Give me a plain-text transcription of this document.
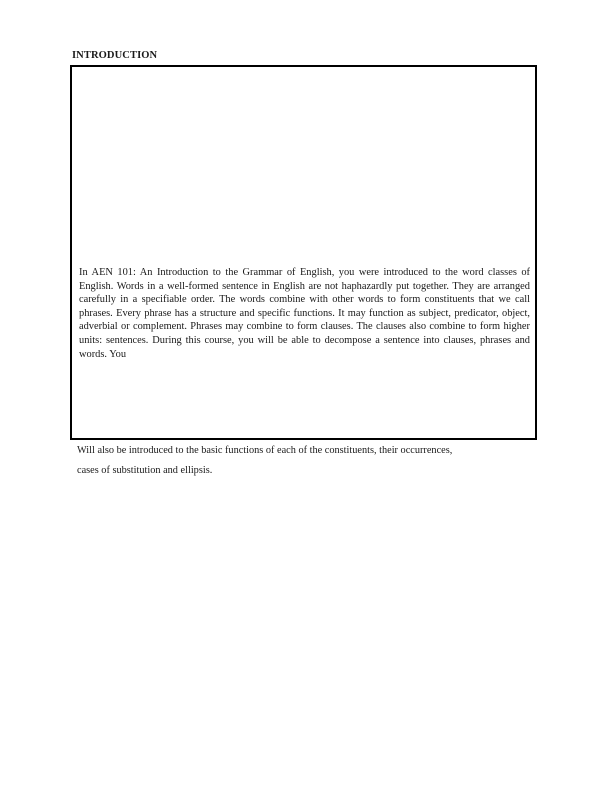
INTRODUCTION
In AEN 101: An Introduction to the Grammar of English, you were introduced to the word classes of English. Words in a well-formed sentence in English are not haphazardly put together. They are arranged carefully in a specifiable order. The words combine with other words to form constituents that we call phrases. Every phrase has a structure and specific functions. It may function as subject, predicator, object, adverbial or complement. Phrases may combine to form clauses. The clauses also combine to form higher units: sentences. During this course, you will be able to decompose a sentence into clauses, phrases and words. You

Will also be introduced to the basic functions of each of the constituents, their occurrences,

cases of substitution and ellipsis.
